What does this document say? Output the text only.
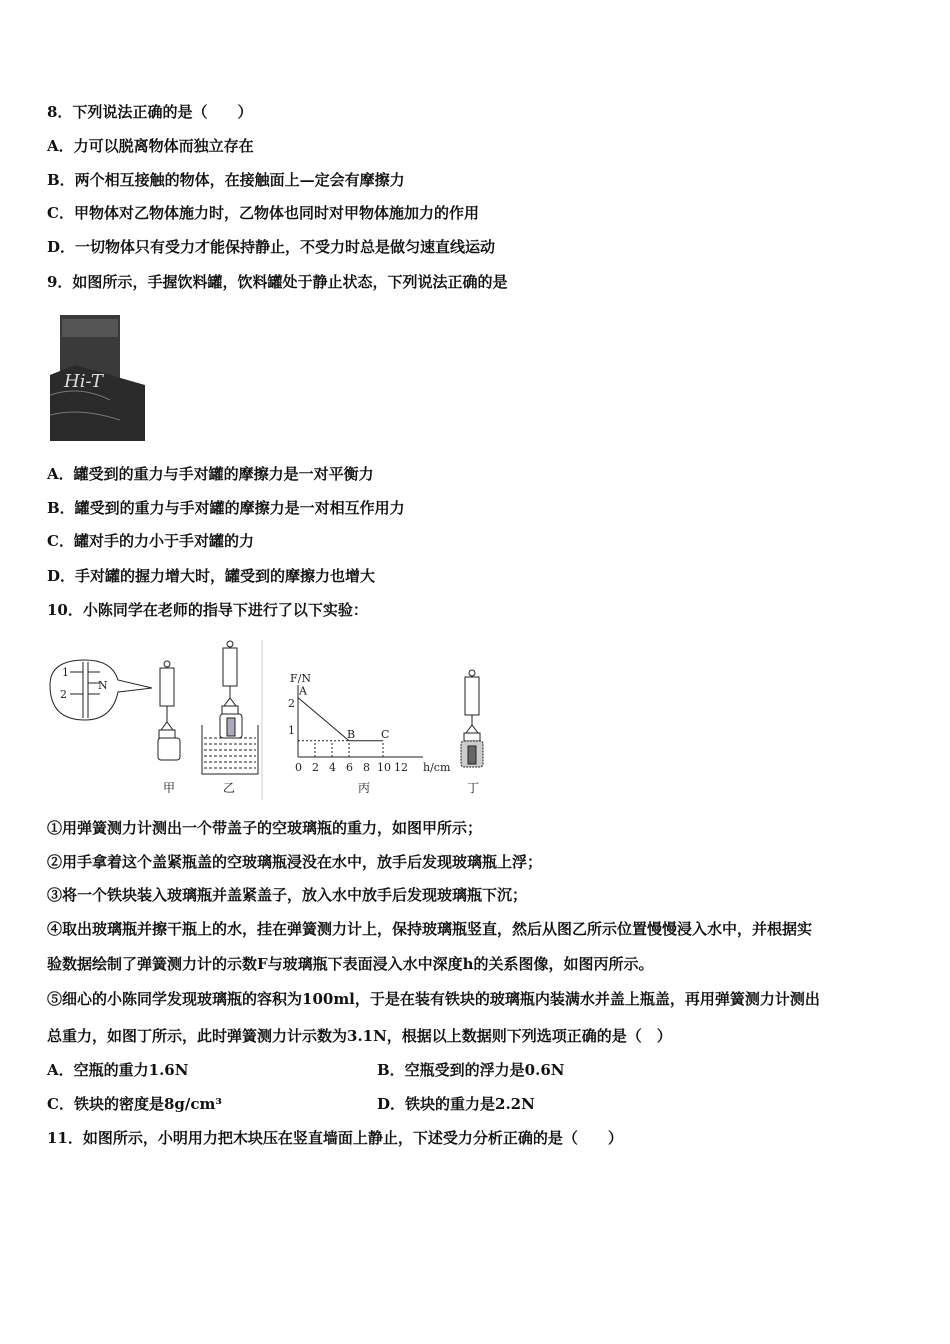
8．下列说法正确的是（　　）
A．力可以脱离物体而独立存在
B．两个相互接触的物体，在接触面上—定会有摩擦力
C．甲物体对乙物体施力时，乙物体也同时对甲物体施加力的作用
D．一切物体只有受力才能保持静止，不受力时总是做匀速直线运动
9．如图所示，手握饮料罐，饮料罐处于静止状态，下列说法正确的是
Hi-T
A．罐受到的重力与手对罐的摩擦力是一对平衡力
B．罐受到的重力与手对罐的摩擦力是一对相互作用力
C．罐对手的力小于手对罐的力
D．手对罐的握力增大时，罐受到的摩擦力也增大
10．小陈同学在老师的指导下进行了以下实验：
1
2
N
F/N
h/cm
0 2 4 6 8 10 12
1
2
A
B C
甲	乙	丙	丁
①用弹簧测力计测出一个带盖子的空玻璃瓶的重力，如图甲所示；
②用手拿着这个盖紧瓶盖的空玻璃瓶浸没在水中，放手后发现玻璃瓶上浮；
③将一个铁块装入玻璃瓶并盖紧盖子，放入水中放手后发现玻璃瓶下沉；
④取出玻璃瓶并擦干瓶上的水，挂在弹簧测力计上，保持玻璃瓶竖直，然后从图乙所示位置慢慢浸入水中，并根据实
验数据绘制了弹簧测力计的示数F与玻璃瓶下表面浸入水中深度h的关系图像，如图丙所示。
⑤细心的小陈同学发现玻璃瓶的容积为100ml，于是在装有铁块的玻璃瓶内装满水并盖上瓶盖，再用弹簧测力计测出
总重力，如图丁所示，此时弹簧测力计示数为3.1N，根据以上数据则下列选项正确的是（　）
A．空瓶的重力1.6N	B．空瓶受到的浮力是0.6N
C．铁块的密度是8g/cm³	D．铁块的重力是2.2N
11．如图所示，小明用力把木块压在竖直墙面上静止，下述受力分析正确的是（　　）
